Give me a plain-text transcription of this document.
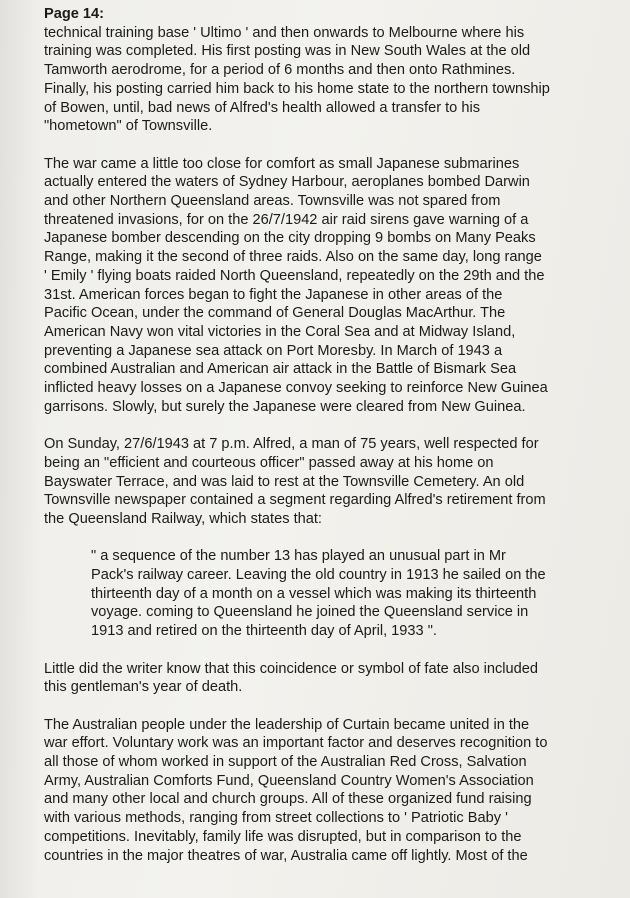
Page 14:

technical training base ' Ultimo ' and then onwards to Melbourne where his
training was completed. His first posting was in New South Wales at the old
Tamworth aerodrome, for a period of 6 months and then onto Rathmines.
Finally, his posting carried him back to his home state to the northern township
of Bowen, until, bad news of Alfred's health allowed a transfer to his
"hometown" of Townsville.

The war came a little too close for comfort as small Japanese submarines
actually entered the waters of Sydney Harbour, aeroplanes bombed Darwin
and other Northern Queensland areas. Townsville was not spared from
threatened invasions, for on the 26/7/1942 air raid sirens gave warning of a
Japanese bomber descending on the city dropping 9 bombs on Many Peaks
Range, making it the second of three raids. Also on the same day, long range
' Emily ' flying boats raided North Queensland, repeatedly on the 29th and the
31st. American forces began to fight the Japanese in other areas of the
Pacific Ocean, under the command of General Douglas MacArthur. The
American Navy won vital victories in the Coral Sea and at Midway Island,
preventing a Japanese sea attack on Port Moresby. In March of 1943 a
combined Australian and American air attack in the Battle of Bismark Sea
inflicted heavy losses on a Japanese convoy seeking to reinforce New Guinea
garrisons. Slowly, but surely the Japanese were cleared from New Guinea.

On Sunday, 27/6/1943 at 7 p.m. Alfred, a man of 75 years, well respected for
being an "efficient and courteous officer" passed away at his home on
Bayswater Terrace, and was laid to rest at the Townsville Cemetery. An old
Townsville newspaper contained a segment regarding Alfred's retirement from
the Queensland Railway, which states that:

" a sequence of the number 13 has played an unusual part in Mr
Pack's railway career. Leaving the old country in 1913 he sailed on the
thirteenth day of a month on a vessel which was making its thirteenth
voyage. coming to Queensland he joined the Queensland service in
1913 and retired on the thirteenth day of April, 1933 ".

Little did the writer know that this coincidence or symbol of fate also included
this gentleman's year of death.

The Australian people under the leadership of Curtain became united in the
war effort. Voluntary work was an important factor and deserves recognition to
all those of whom worked in support of the Australian Red Cross, Salvation
Army, Australian Comforts Fund, Queensland Country Women's Association
and many other local and church groups. All of these organized fund raising
with various methods, ranging from street collections to ' Patriotic Baby '
competitions. Inevitably, family life was disrupted, but in comparison to the
countries in the major theatres of war, Australia came off lightly. Most of the
